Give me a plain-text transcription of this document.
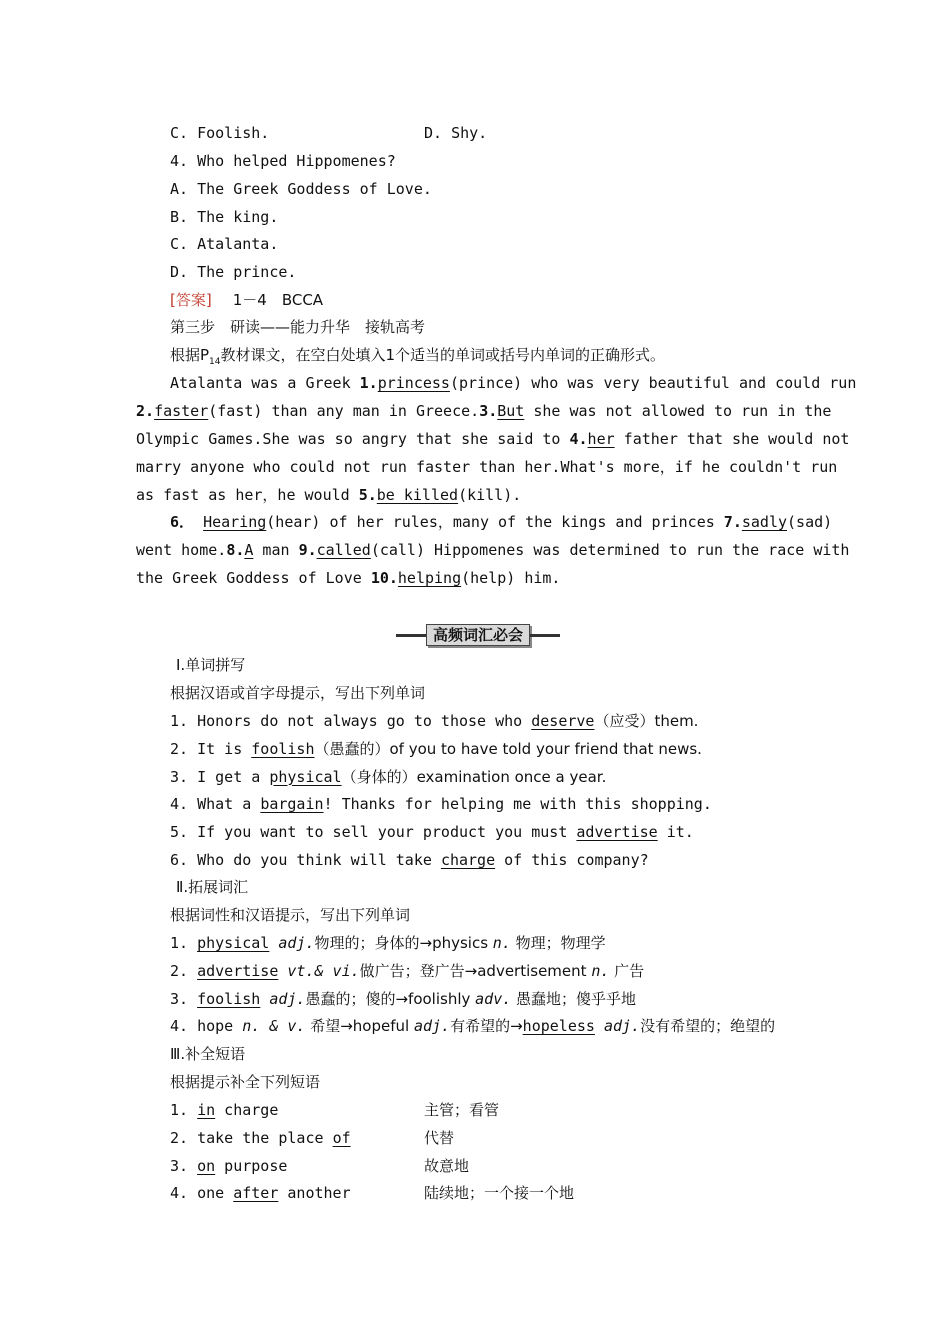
C. Foolish.	D. Shy.
4. Who helped Hippomenes?
A. The Greek Goddess of Love.
B. The king.
C. Atalanta.
D. The prince.
[答案] 1－4　BCCA
第三步　研读——能力升华　接轨高考
根据$P_{14}$教材课文，在空白处填入1个适当的单词或括号内单词的正确形式。
Atalanta was a Greek 1.princess(prince) who was very beautiful and could run
2.faster(fast) than any man in Greece.3.But she was not allowed to run in the
Olympic Games.She was so angry that she said to 4.her father that she would not
marry anyone who could not run faster than her.What's more，if he couldn't run
as fast as her，he would 5.be killed(kill).
6． Hearing(hear) of her rules，many of the kings and princes 7.sadly(sad)
went home.8.A man 9.called (call) Hippomenes was determined to run the race with
the Greek Goddess of Love 10.helping(help) him.
高频词汇必会
Ⅰ.单词拼写
根据汉语或首字母提示，写出下列单词
1. Honors do not always go to those who deserve（应受）them.
2. It is foolish（愚蠢的）of you to have told your friend that news.
3. I get a physical（身体的）examination once a year.
4. What a bargain! Thanks for helping me with this shopping.
5. If you want to sell your product you must advertise it.
6. Who do you think will take charge of this company?
Ⅱ.拓展词汇
根据词性和汉语提示，写出下列单词
1. physical adj.物理的；身体的→physics n. 物理；物理学
2. advertise vt.& vi.做广告；登广告→advertisement n. 广告
3. foolish adj.愚蠢的；傻的→foolishly adv. 愚蠢地；傻乎乎地
4. hope n. & v. 希望→hopeful adj.有希望的→hopeless adj.没有希望的；绝望的
Ⅲ.补全短语
根据提示补全下列短语
1. in charge	主管；看管
2. take the place of	代替
3. on purpose	故意地
4. one after another	陆续地；一个接一个地
